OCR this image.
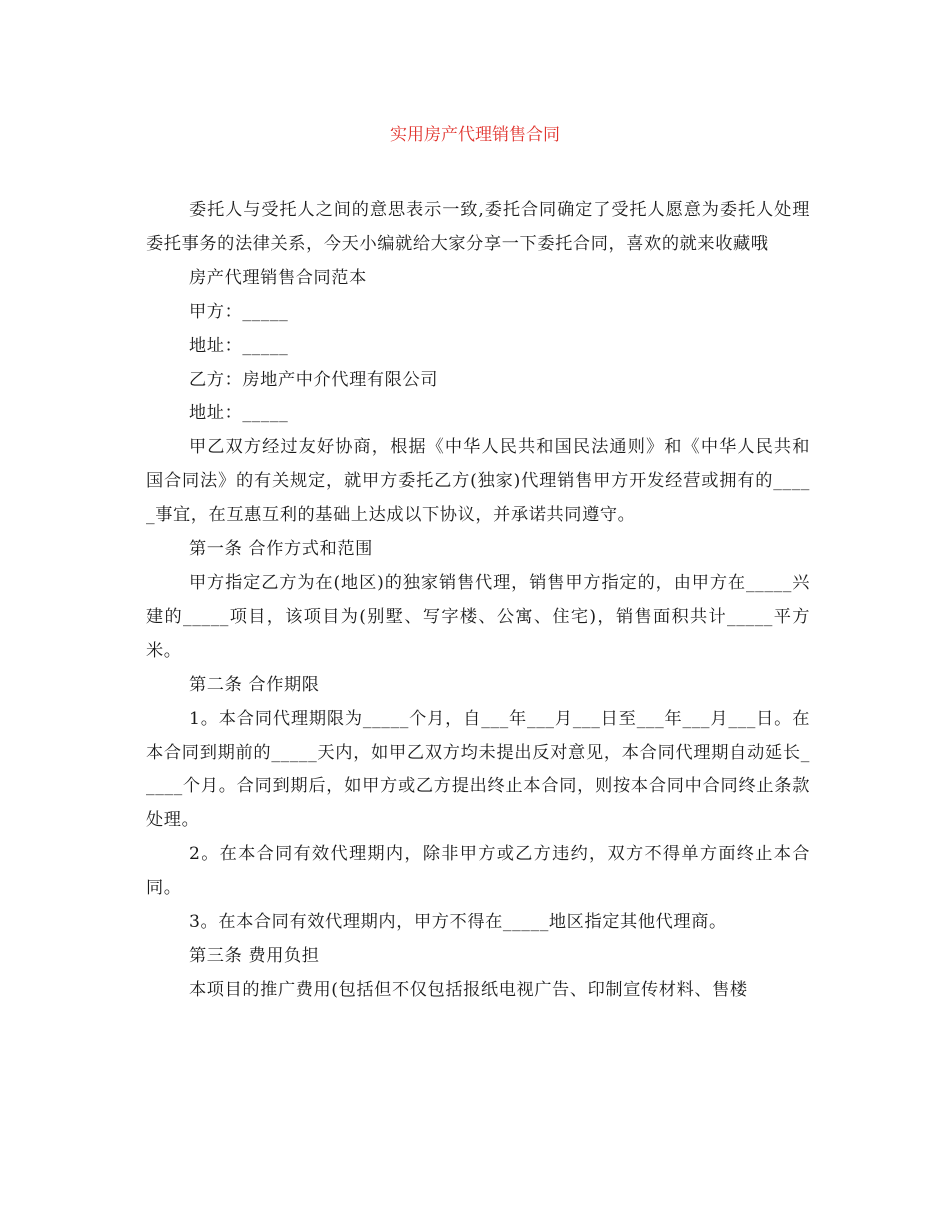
实用房产代理销售合同

委托人与受托人之间的意思表示一致,委托合同确定了受托人愿意为委托人处理委托事务的法律关系，今天小编就给大家分享一下委托合同，喜欢的就来收藏哦

房产代理销售合同范本

甲方：_____

地址：_____

乙方：房地产中介代理有限公司

地址：_____

甲乙双方经过友好协商，根据《中华人民共和国民法通则》和《中华人民共和国合同法》的有关规定，就甲方委托乙方(独家)代理销售甲方开发经营或拥有的_____事宜，在互惠互利的基础上达成以下协议，并承诺共同遵守。

第一条 合作方式和范围

甲方指定乙方为在(地区)的独家销售代理，销售甲方指定的，由甲方在_____兴建的_____项目，该项目为(别墅、写字楼、公寓、住宅)，销售面积共计_____平方米。

第二条 合作期限

1。本合同代理期限为_____个月，自___年___月___日至___年___月___日。在本合同到期前的_____天内，如甲乙双方均未提出反对意见，本合同代理期自动延长_____个月。合同到期后，如甲方或乙方提出终止本合同，则按本合同中合同终止条款处理。

2。在本合同有效代理期内，除非甲方或乙方违约，双方不得单方面终止本合同。

3。在本合同有效代理期内，甲方不得在_____地区指定其他代理商。

第三条 费用负担

本项目的推广费用(包括但不仅包括报纸电视广告、印制宣传材料、售楼
